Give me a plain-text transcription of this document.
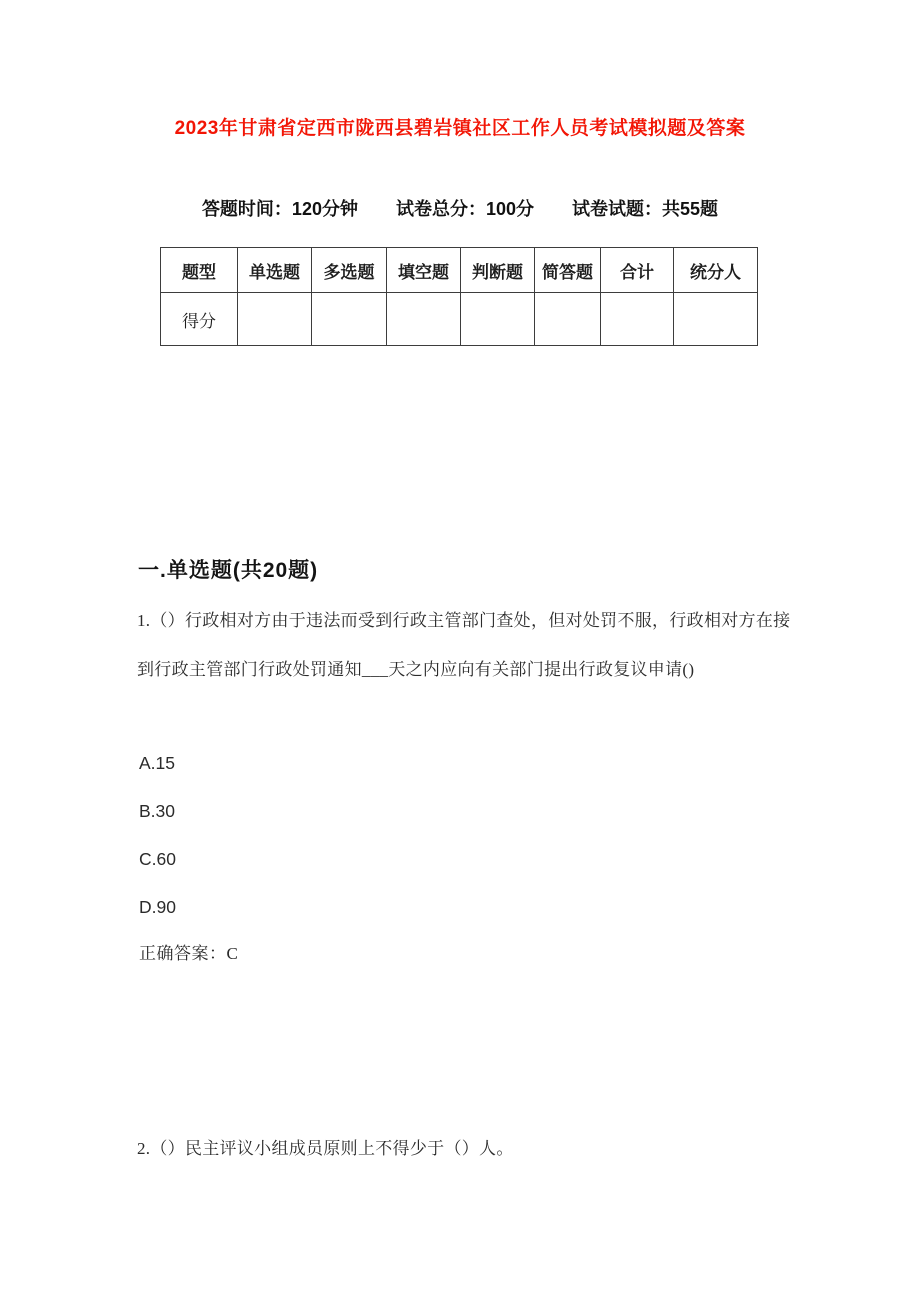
2023年甘肃省定西市陇西县碧岩镇社区工作人员考试模拟题及答案
答题时间：120分钟 试卷总分：100分 试卷试题：共55题
题型	单选题	多选题	填空题	判断题	简答题	合计	统分人
得分							
一.单选题(共20题)
1.（）行政相对方由于违法而受到行政主管部门查处，但对处罚不服，行政相对方在接
到行政主管部门行政处罚通知___天之内应向有关部门提出行政复议申请()
A.15
B.30
C.60
D.90
正确答案：C
2.（）民主评议小组成员原则上不得少于（）人。
